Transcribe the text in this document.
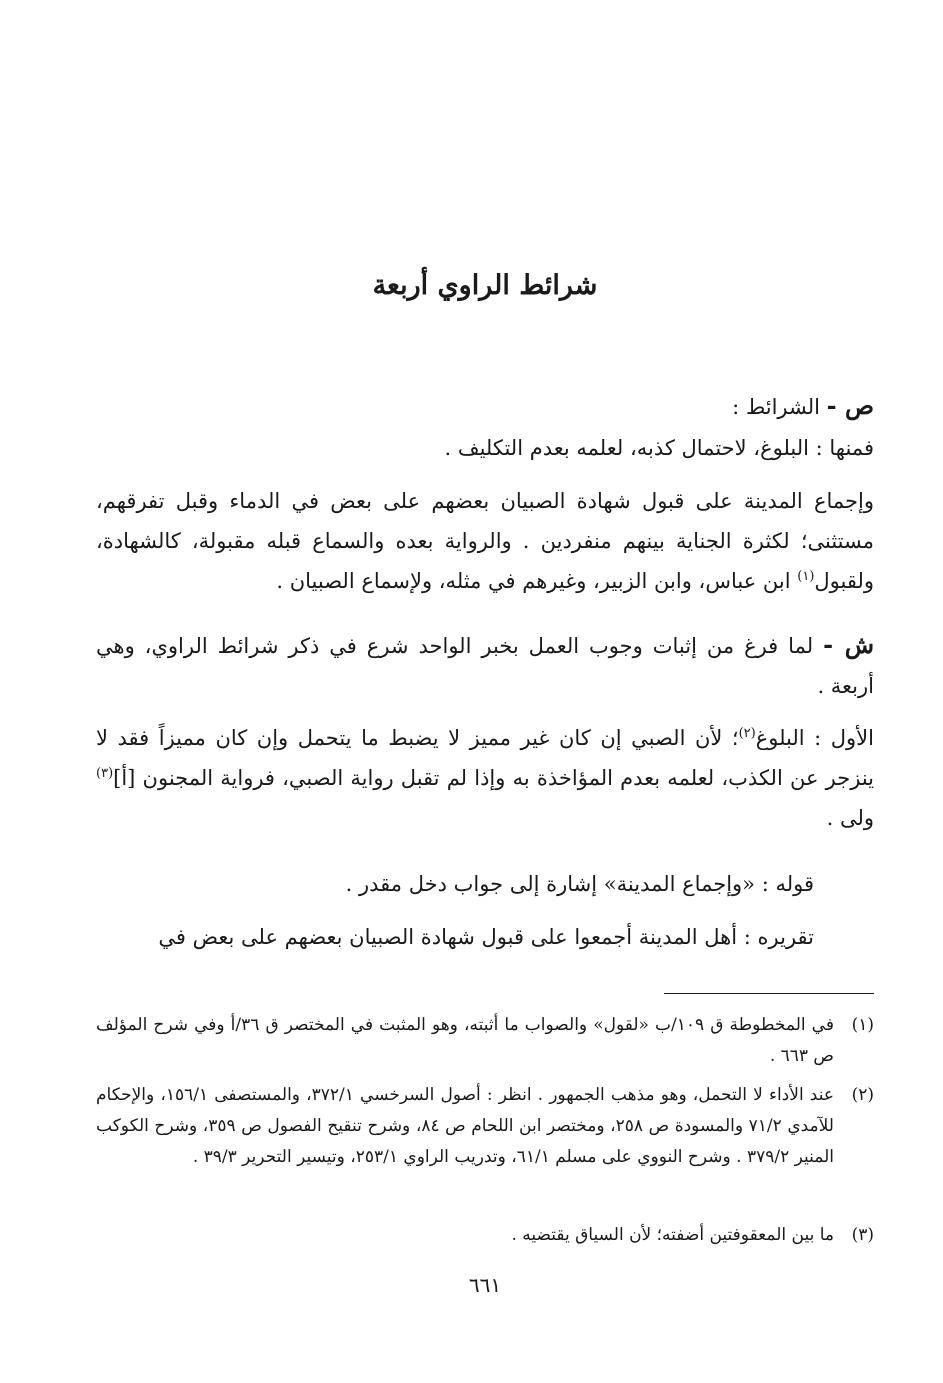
شرائط الراوي أربعة
ص - الشرائط :
فمنها : البلوغ، لاحتمال كذبه، لعلمه بعدم التكليف .
وإجماع المدينة على قبول شهادة الصبيان بعضهم على بعض في الدماء وقبل تفرقهم، مستثنى؛ لكثرة الجناية بينهم منفردين . والرواية بعده والسماع قبله مقبولة، كالشهادة، ولقبول$^{(١)}$ ابن عباس، وابن الزبير، وغيرهم في مثله، ولإسماع الصبيان .
ش - لما فرغ من إثبات وجوب العمل بخبر الواحد شرع في ذكر شرائط الراوي، وهي أربعة .
الأول : البلوغ$^{(٢)}$؛ لأن الصبي إن كان غير مميز لا يضبط ما يتحمل وإن كان مميزاً فقد لا ينزجر عن الكذب، لعلمه بعدم المؤاخذة به وإذا لم تقبل رواية الصبي، فرواية المجنون [أ]$^{(٣)}$ ولى .
قوله : «وإجماع المدينة» إشارة إلى جواب دخل مقدر .
تقريره : أهل المدينة أجمعوا على قبول شهادة الصبيان بعضهم على بعض في
(١)
في المخطوطة ق ١٠٩/ب «لقول» والصواب ما أثبته، وهو المثبت في المختصر ق ٣٦/أ وفي شرح المؤلف ص ٦٦٣ .
(٢)
عند الأداء لا التحمل، وهو مذهب الجمهور . انظر : أصول السرخسي ٣٧٢/١، والمستصفى ١٥٦/١، والإحكام للآمدي ٧١/٢ والمسودة ص ٢٥٨، ومختصر ابن اللحام ص ٨٤، وشرح تنقيح الفصول ص ٣٥٩، وشرح الكوكب المنير ٣٧٩/٢ . وشرح النووي على مسلم ٦١/١، وتدريب الراوي ٢٥٣/١، وتيسير التحرير ٣٩/٣ .
(٣)
ما بين المعقوفتين أضفته؛ لأن السياق يقتضيه .
٦٦١
